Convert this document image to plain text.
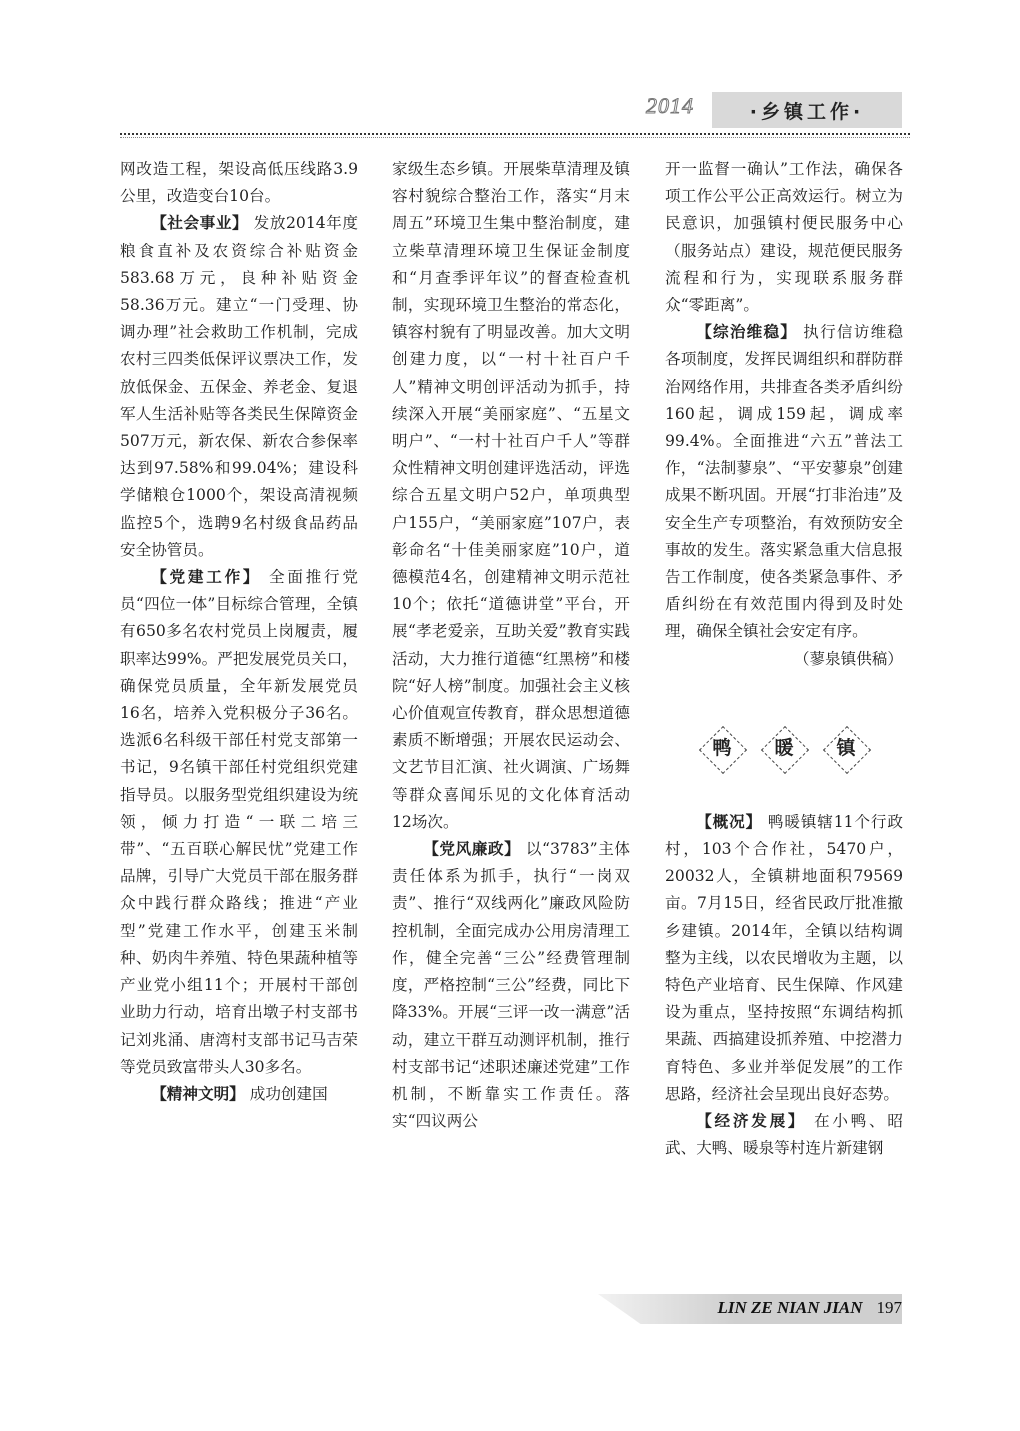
2014	·乡镇工作·

网改造工程，架设高低压线路3.9公里，改造变台10台。

【社会事业】 发放2014年度粮食直补及农资综合补贴资金583.68万元，良种补贴资金58.36万元。建立“一门受理、协调办理”社会救助工作机制，完成农村三四类低保评议票决工作，发放低保金、五保金、养老金、复退军人生活补贴等各类民生保障资金507万元，新农保、新农合参保率达到97.58%和99.04%；建设科学储粮仓1000个，架设高清视频监控5个，选聘9名村级食品药品安全协管员。

【党建工作】 全面推行党员“四位一体”目标综合管理，全镇有650多名农村党员上岗履责，履职率达99%。严把发展党员关口，确保党员质量，全年新发展党员16名，培养入党积极分子36名。选派6名科级干部任村党支部第一书记，9名镇干部任村党组织党建指导员。以服务型党组织建设为统领，倾力打造“一联二培三带”、“五百联心解民忧”党建工作品牌，引导广大党员干部在服务群众中践行群众路线；推进“产业型”党建工作水平，创建玉米制种、奶肉牛养殖、特色果蔬种植等产业党小组11个；开展村干部创业助力行动，培育出墩子村支部书记刘兆涌、唐湾村支部书记马吉荣等党员致富带头人30多名。

【精神文明】 成功创建国

家级生态乡镇。开展柴草清理及镇容村貌综合整治工作，落实“月末周五”环境卫生集中整治制度，建立柴草清理环境卫生保证金制度和“月查季评年议”的督查检查机制，实现环境卫生整治的常态化，镇容村貌有了明显改善。加大文明创建力度，以“一村十社百户千人”精神文明创评活动为抓手，持续深入开展“美丽家庭”、“五星文明户”、“一村十社百户千人”等群众性精神文明创建评选活动，评选综合五星文明户52户，单项典型户155户，“美丽家庭”107户，表彰命名“十佳美丽家庭”10户，道德模范4名，创建精神文明示范社10个；依托“道德讲堂”平台，开展“孝老爱亲，互助关爱”教育实践活动，大力推行道德“红黑榜”和楼院“好人榜”制度。加强社会主义核心价值观宣传教育，群众思想道德素质不断增强；开展农民运动会、文艺节目汇演、社火调演、广场舞等群众喜闻乐见的文化体育活动12场次。

【党风廉政】 以“3783”主体责任体系为抓手，执行“一岗双责”、推行“双线两化”廉政风险防控机制，全面完成办公用房清理工作，健全完善“三公”经费管理制度，严格控制“三公”经费，同比下降33%。开展“三评一改一满意”活动，建立干群互动测评机制，推行村支部书记“述职述廉述党建”工作机制，不断靠实工作责任。落实“四议两公

开一监督一确认”工作法，确保各项工作公平公正高效运行。树立为民意识，加强镇村便民服务中心（服务站点）建设，规范便民服务流程和行为，实现联系服务群众“零距离”。

【综治维稳】 执行信访维稳各项制度，发挥民调组织和群防群治网络作用，共排查各类矛盾纠纷160起，调成159起，调成率99.4%。全面推进“六五”普法工作，“法制蓼泉”、“平安蓼泉”创建成果不断巩固。开展“打非治违”及安全生产专项整治，有效预防安全事故的发生。落实紧急重大信息报告工作制度，使各类紧急事件、矛盾纠纷在有效范围内得到及时处理，确保全镇社会安定有序。

（蓼泉镇供稿）

鸭 暖 镇

【概况】 鸭暖镇辖11个行政村，103个合作社，5470户，20032人，全镇耕地面积79569亩。7月15日，经省民政厅批准撤乡建镇。2014年，全镇以结构调整为主线，以农民增收为主题，以特色产业培育、民生保障、作风建设为重点，坚持按照“东调结构抓果蔬、西搞建设抓养殖、中挖潜力育特色、多业并举促发展”的工作思路，经济社会呈现出良好态势。

【经济发展】 在小鸭、昭武、大鸭、暖泉等村连片新建钢

LIN ZE NIAN JIAN 197
